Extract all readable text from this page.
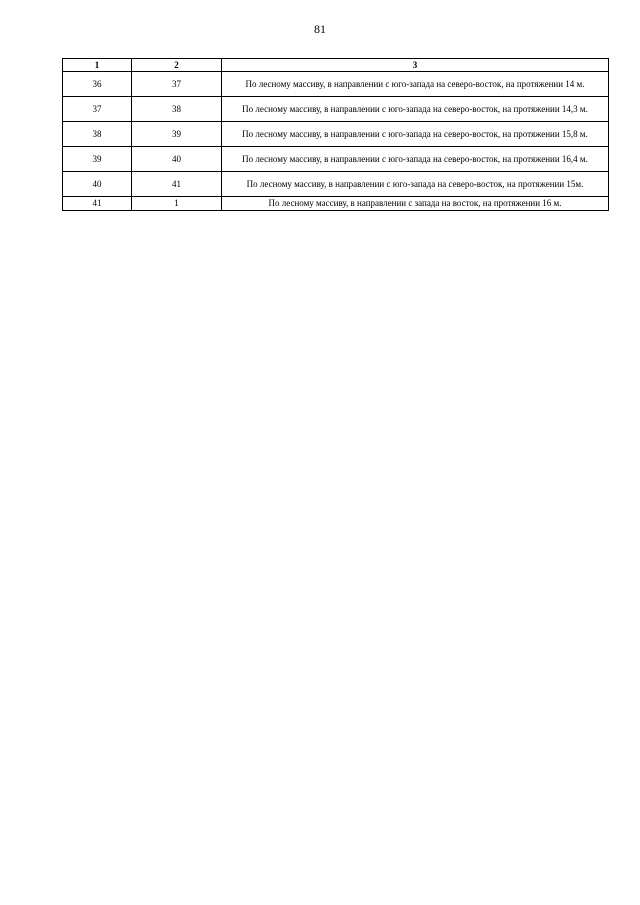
81
1	2	3
36	37	По лесному массиву, в направлении с юго-запада на северо-восток, на протяжении 14 м.
37	38	По лесному массиву, в направлении с юго-запада на северо-восток, на протяжении 14,3 м.
38	39	По лесному массиву, в направлении с юго-запада на северо-восток, на протяжении 15,8 м.
39	40	По лесному массиву, в направлении с юго-запада на северо-восток, на протяжении 16,4 м.
40	41	По лесному массиву, в направлении с юго-запада на северо-восток, на протяжении 15м.
41	1	По лесному массиву, в направлении с запада на восток, на протяжении 16 м.
